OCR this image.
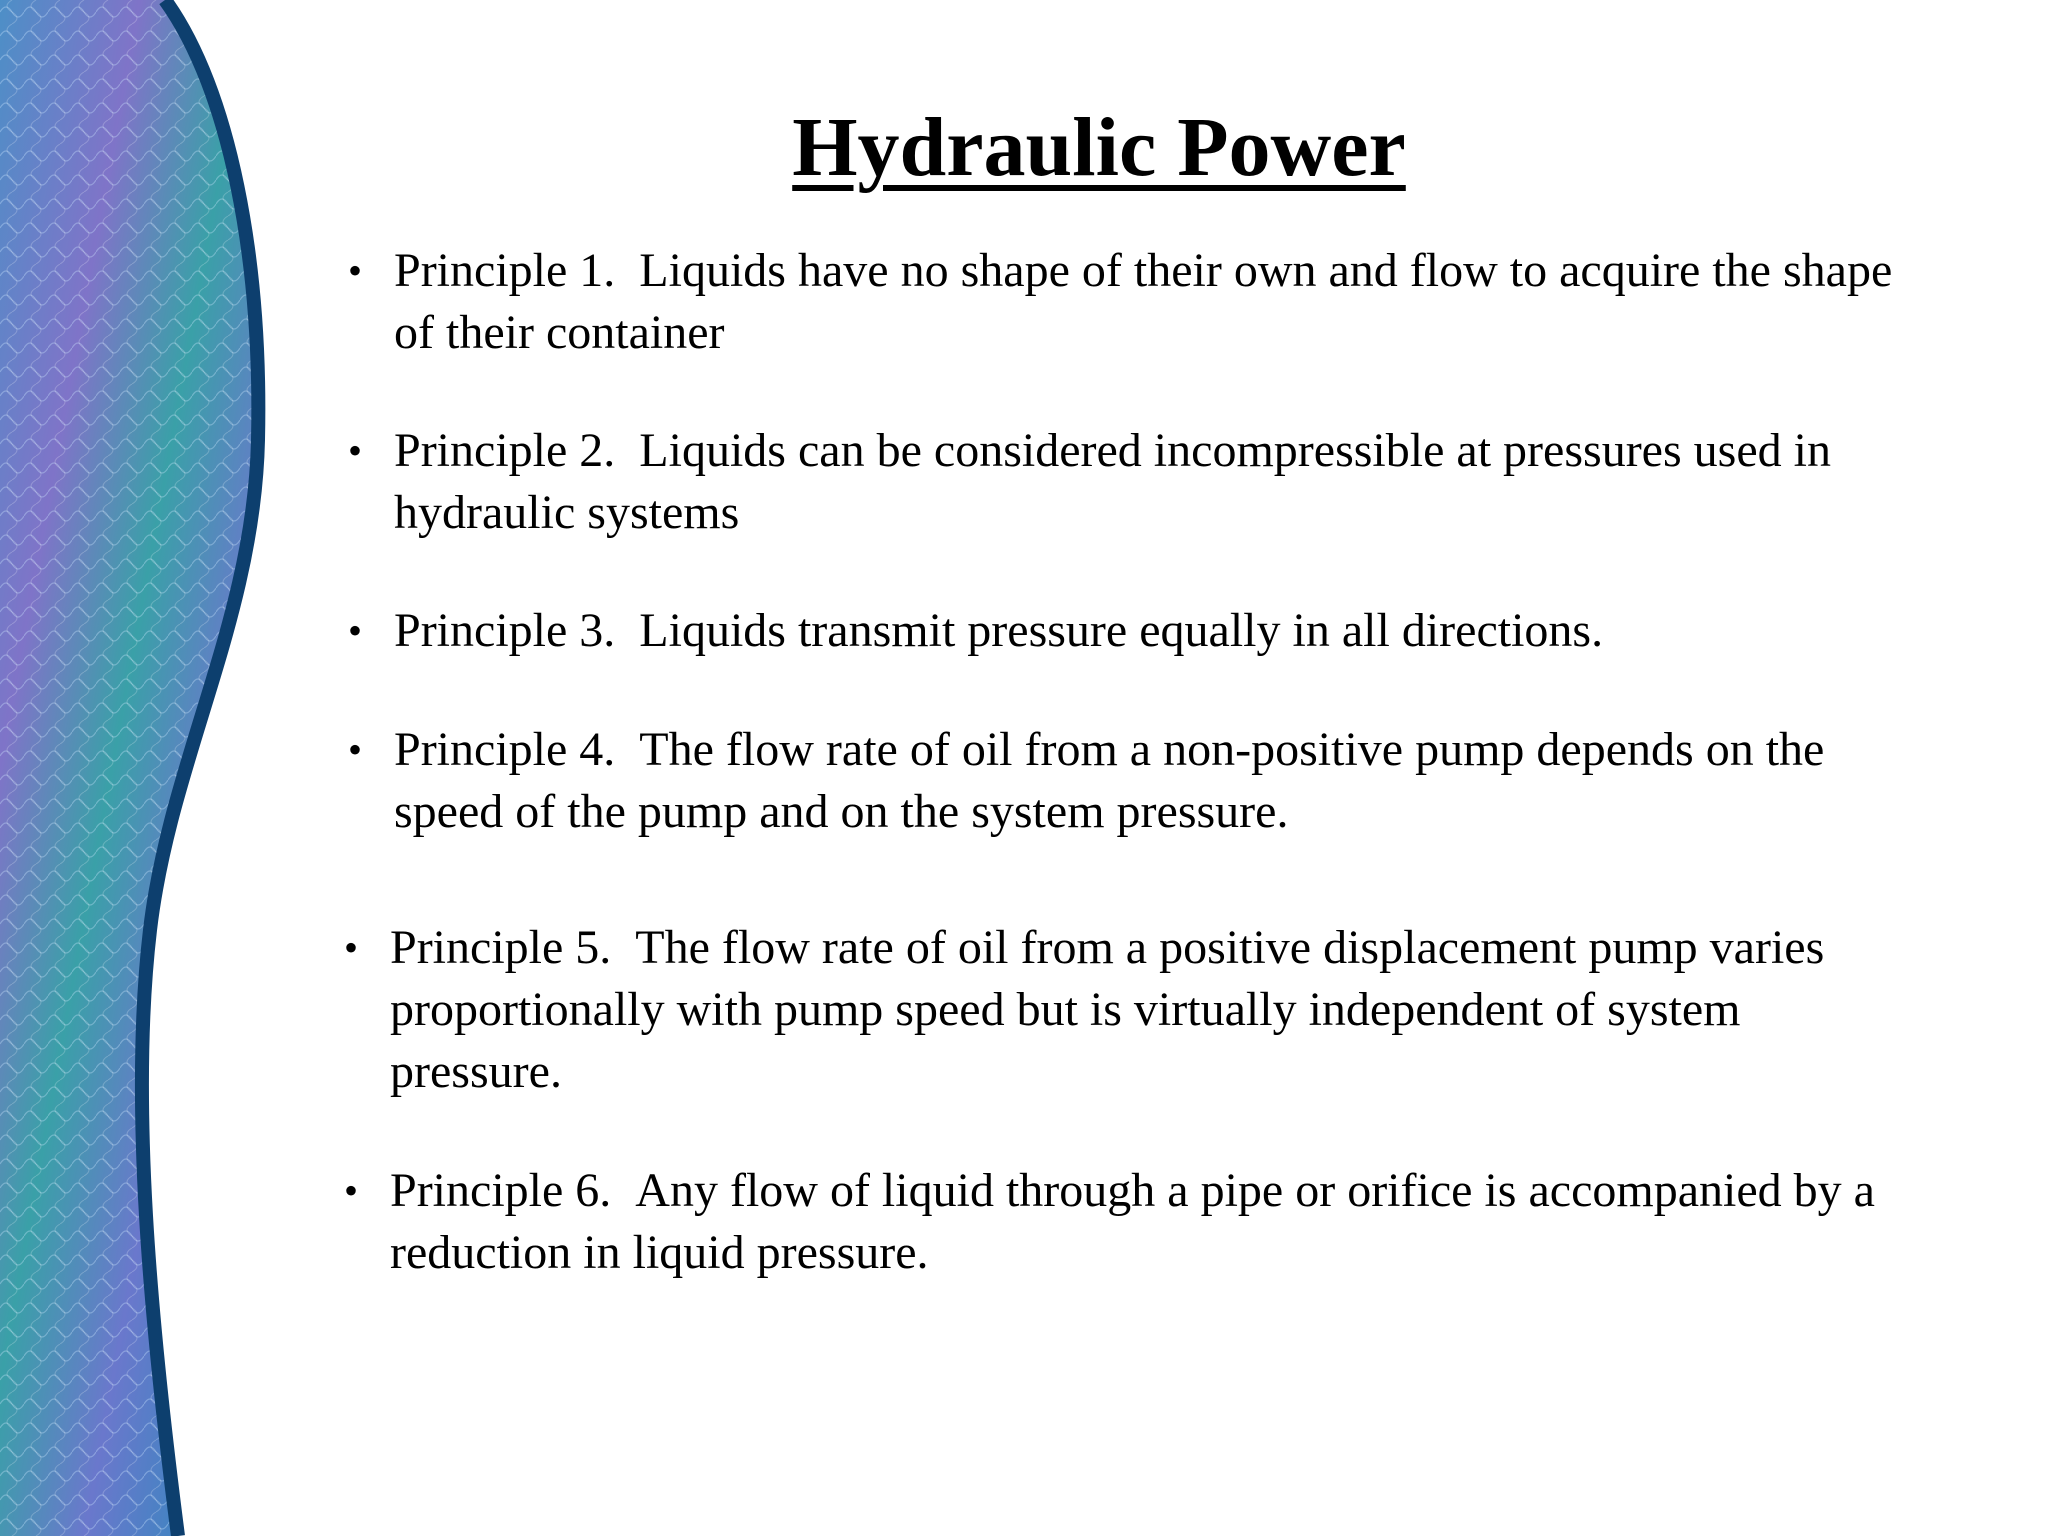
Hydraulic Power
• Principle 1. Liquids have no shape of their own and flow to acquire the shape of their container
• Principle 2. Liquids can be considered incompressible at pressures used in hydraulic systems
• Principle 3. Liquids transmit pressure equally in all directions.
• Principle 4. The flow rate of oil from a non-positive pump depends on the speed of the pump and on the system pressure.
• Principle 5. The flow rate of oil from a positive displacement pump varies proportionally with pump speed but is virtually independent of system pressure.
• Principle 6. Any flow of liquid through a pipe or orifice is accompanied by a reduction in liquid pressure.
